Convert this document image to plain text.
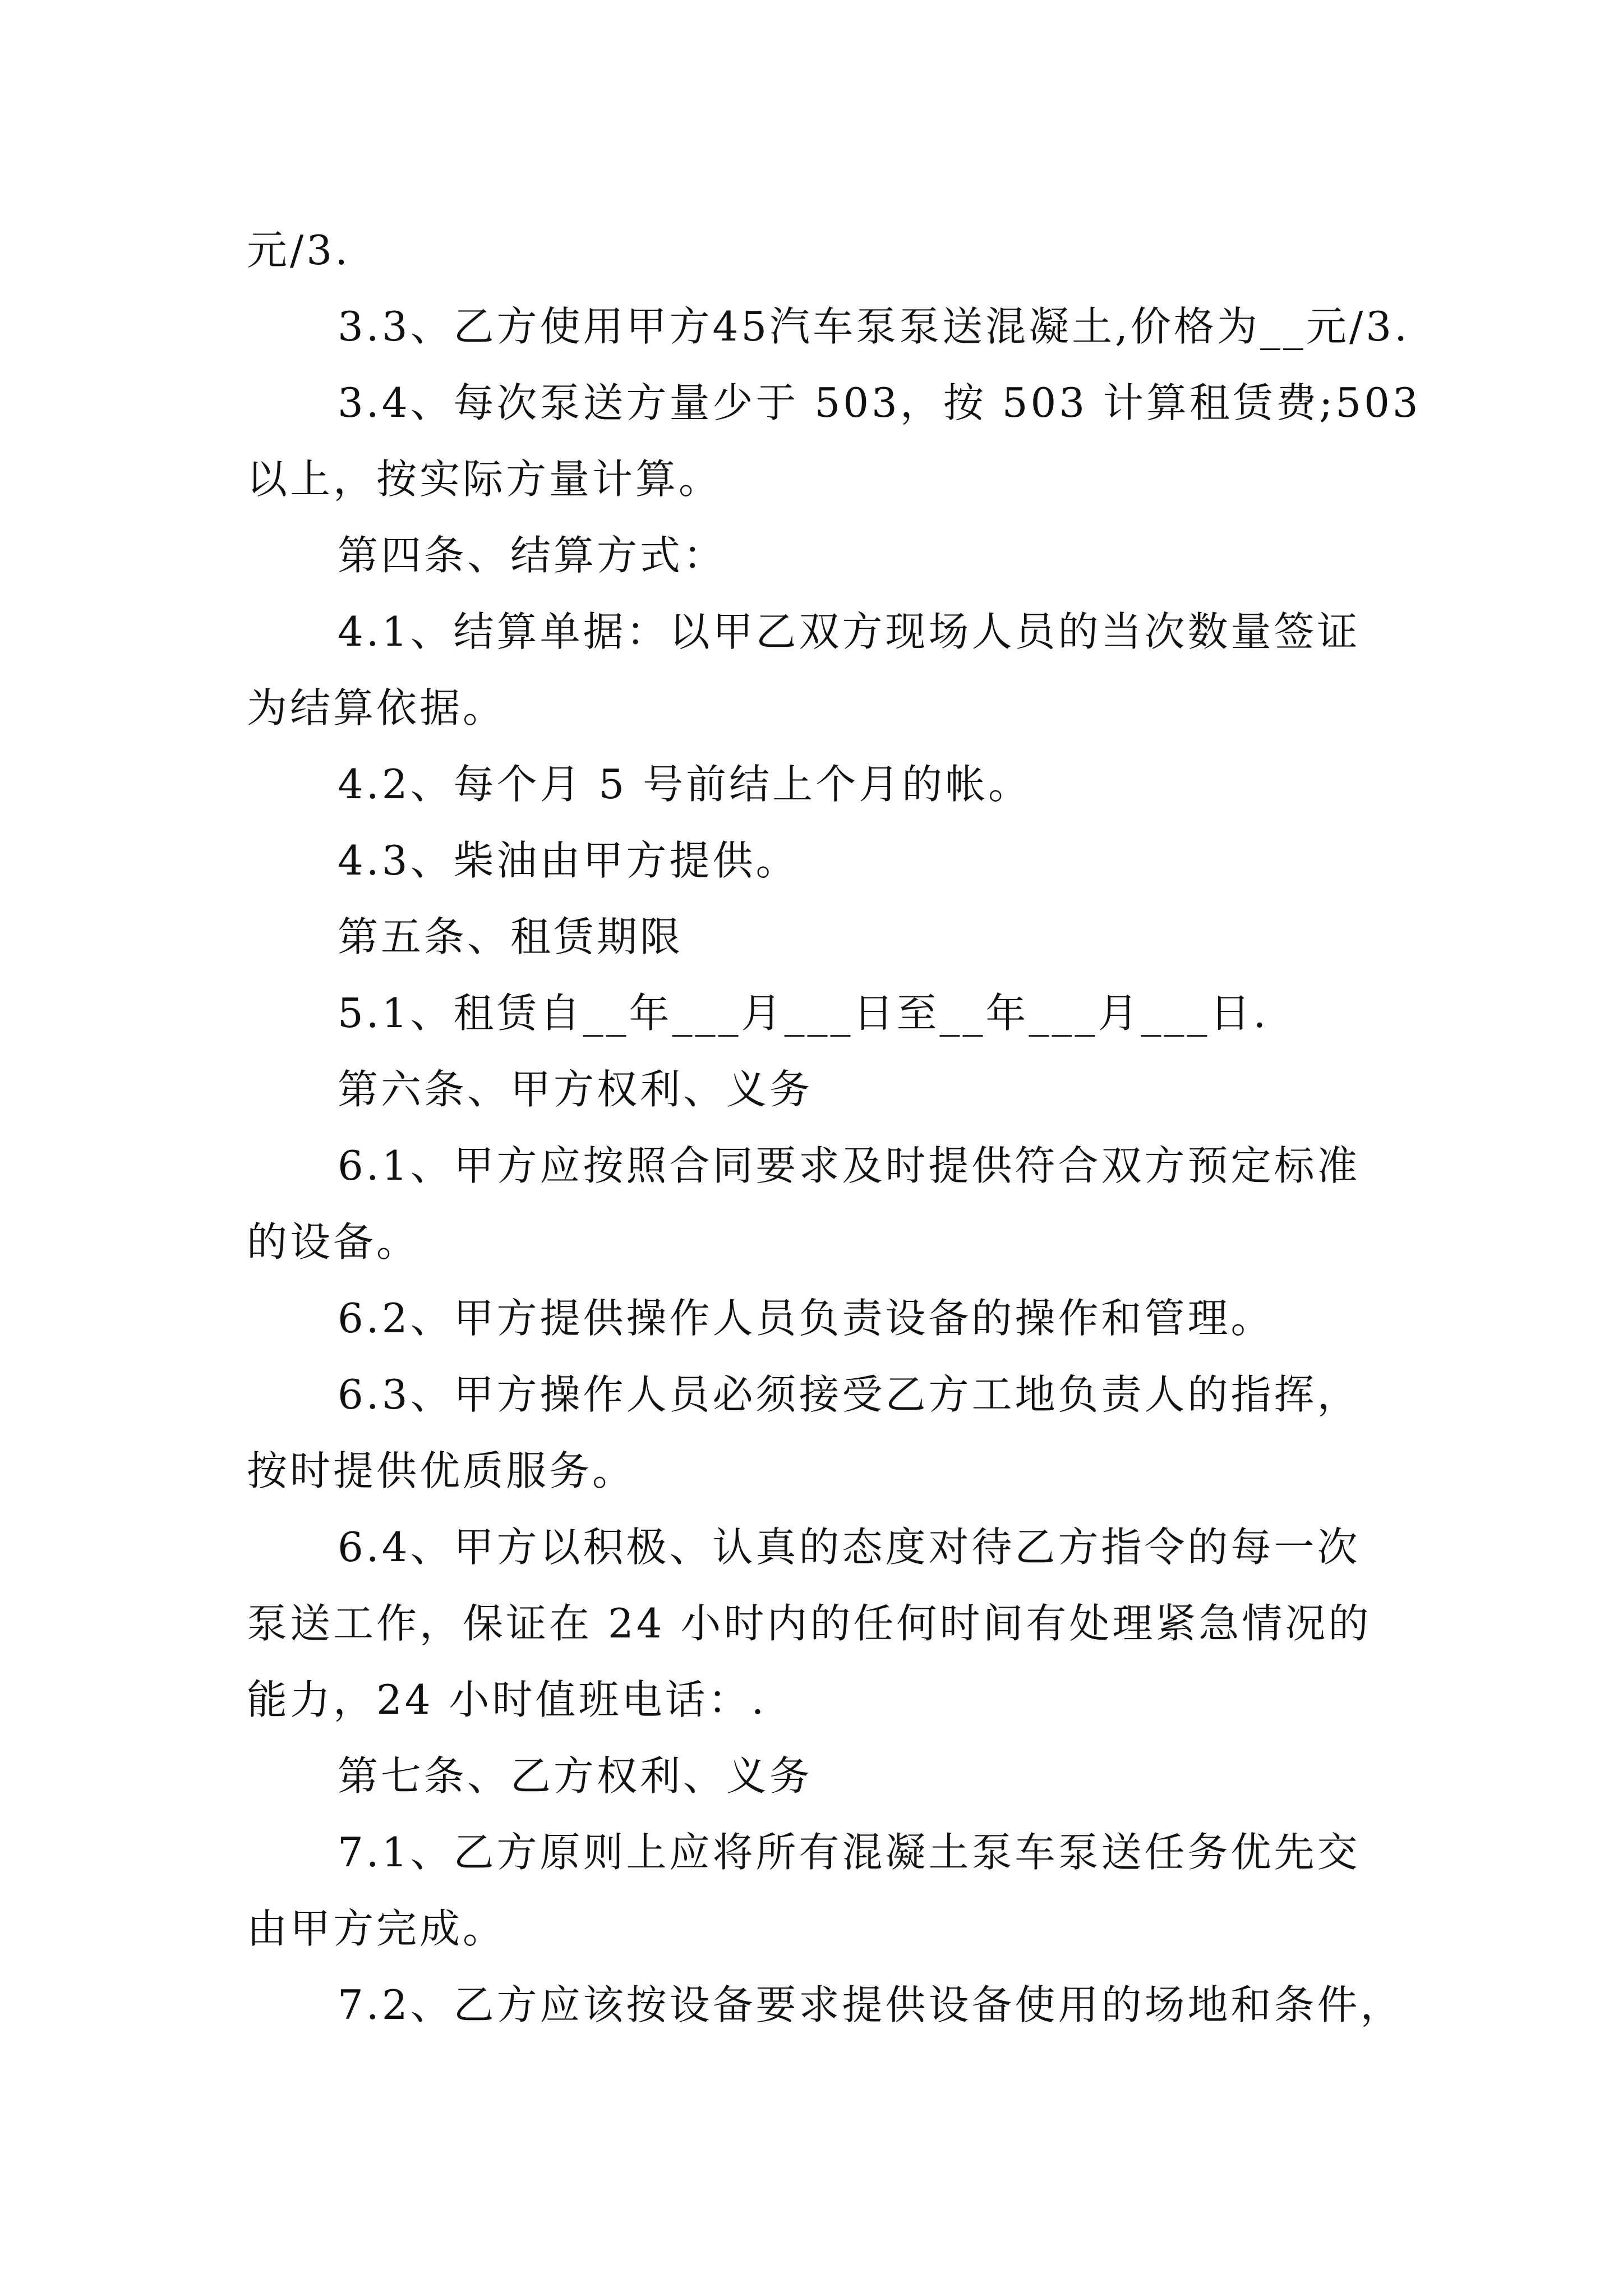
元/3.
3.3、乙方使用甲方45汽车泵泵送混凝土,价格为__元/3.
3.4、每次泵送方量少于 503，按 503 计算租赁费;503
以上，按实际方量计算。
第四条、结算方式：
4.1、结算单据：以甲乙双方现场人员的当次数量签证
为结算依据。
4.2、每个月 5 号前结上个月的帐。
4.3、柴油由甲方提供。
第五条、租赁期限
5.1、租赁自__年___月___日至__年___月___日.
第六条、甲方权利、义务
6.1、甲方应按照合同要求及时提供符合双方预定标准
的设备。
6.2、甲方提供操作人员负责设备的操作和管理。
6.3、甲方操作人员必须接受乙方工地负责人的指挥，
按时提供优质服务。
6.4、甲方以积极、认真的态度对待乙方指令的每一次
泵送工作，保证在 24 小时内的任何时间有处理紧急情况的
能力，24 小时值班电话：.
第七条、乙方权利、义务
7.1、乙方原则上应将所有混凝土泵车泵送任务优先交
由甲方完成。
7.2、乙方应该按设备要求提供设备使用的场地和条件，
